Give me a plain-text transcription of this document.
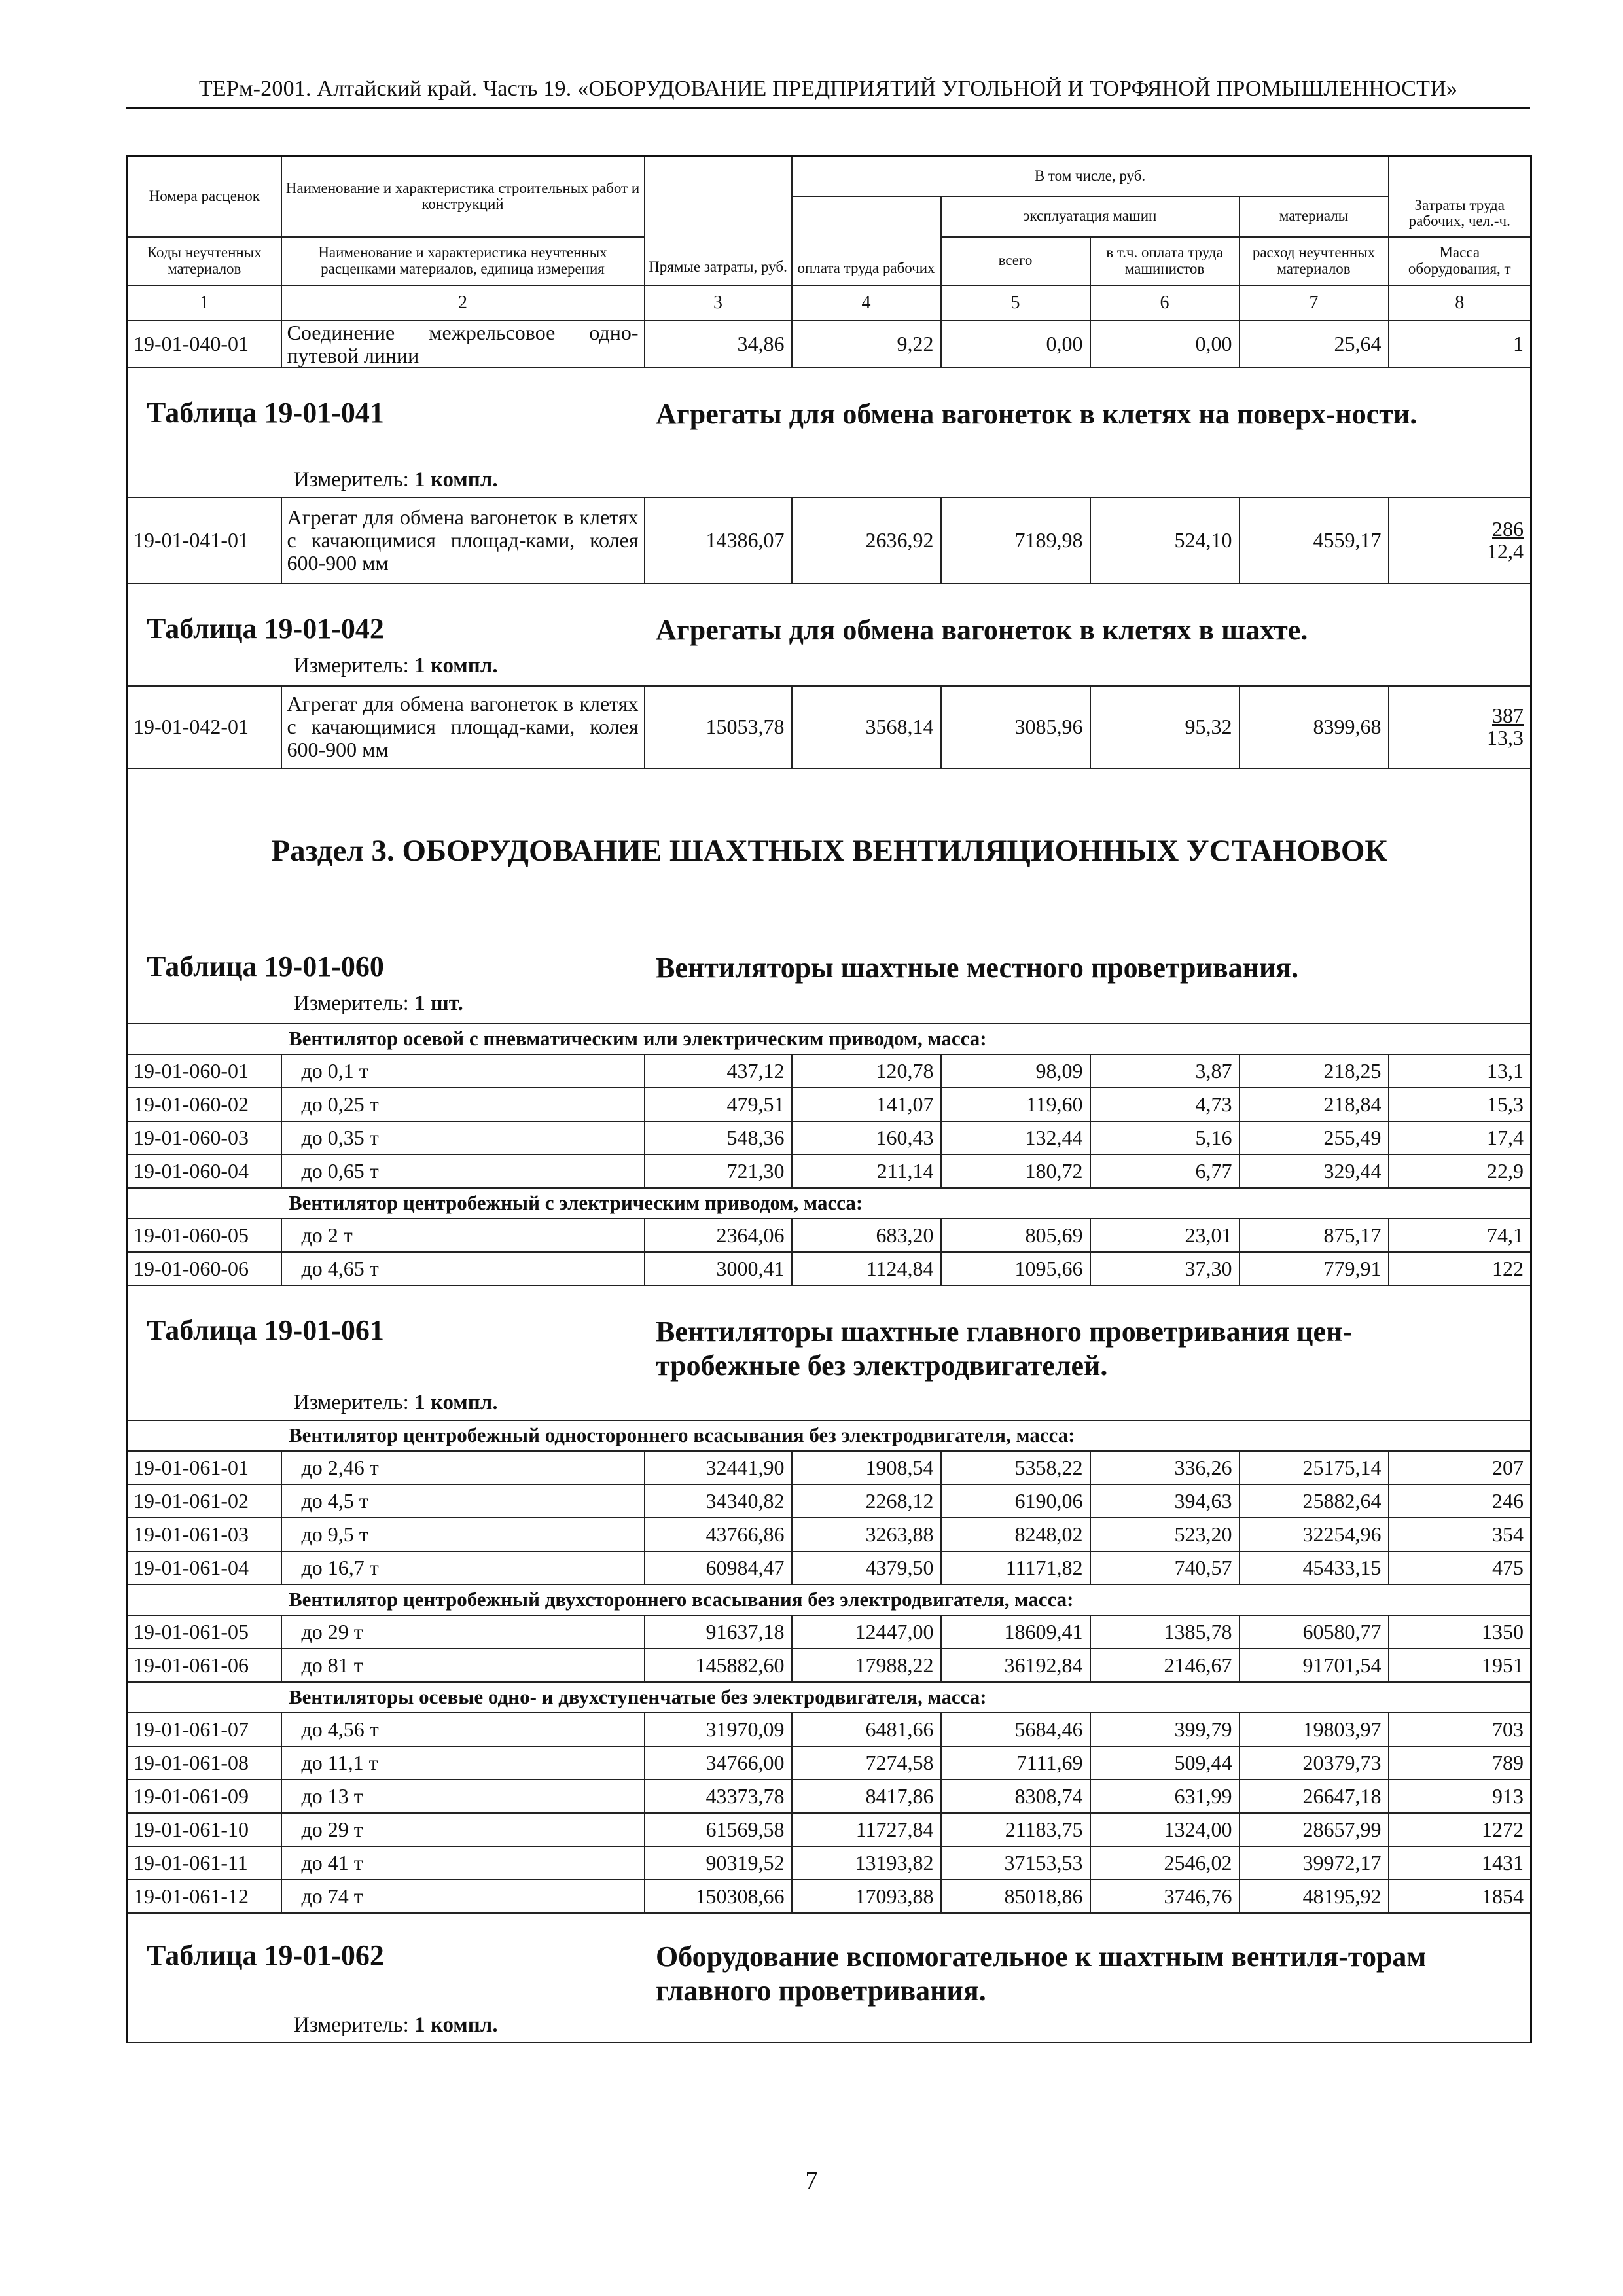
ТЕРм-2001. Алтайский край. Часть 19. «ОБОРУДОВАНИЕ ПРЕДПРИЯТИЙ УГОЛЬНОЙ И ТОРФЯНОЙ ПРОМЫШЛЕННОСТИ»
Номера расценок	Наименование и характеристика строительных работ и конструкций	Прямые затраты, руб.	В том числе, руб.				Затраты труда рабочих, чел.-ч.
			оплата труда рабочих	эксплуатация машин		материалы	
Коды неучтенных материалов	Наименование и характеристика неучтенных расценками материалов, единица измерения			всего	в т.ч. оплата труда машинистов	расход неучтенных материалов	Масса оборудования, т
1	2	3	4	5	6	7	8
19-01-040-01	Соединение межрельсовое одно-путевой линии	34,86	9,22	0,00	0,00	25,64	1

Таблица 19-01-041 Агрегаты для обмена вагонеток в клетях на поверх-ности.
Измеритель: 1 компл.							

19-01-041-01	Агрегат для обмена вагонеток в клетях с качающимися площад-ками, колея 600-900 мм	14386,07	2636,92	7189,98	524,10	4559,17	$\frac{286}{12,4}$

Таблица 19-01-042 Агрегаты для обмена вагонеток в клетях в шахте.
Измеритель: 1 компл.							

19-01-042-01	Агрегат для обмена вагонеток в клетях с качающимися площад-ками, колея 600-900 мм	15053,78	3568,14	3085,96	95,32	8399,68	$\frac{387}{13,3}$

Раздел 3. ОБОРУДОВАНИЕ ШАХТНЫХ ВЕНТИЛЯЦИОННЫХ УСТАНОВОК
Таблица 19-01-060 Вентиляторы шахтные местного проветривания.
Измеритель: 1 шт.							

Вентилятор осевой с пневматическим или электрическим приводом, масса:							
19-01-060-01	до 0,1 т	437,12	120,78	98,09	3,87	218,25	13,1
19-01-060-02	до 0,25 т	479,51	141,07	119,60	4,73	218,84	15,3
19-01-060-03	до 0,35 т	548,36	160,43	132,44	5,16	255,49	17,4
19-01-060-04	до 0,65 т	721,30	211,14	180,72	6,77	329,44	22,9
Вентилятор центробежный с электрическим приводом, масса:							
19-01-060-05	до 2 т	2364,06	683,20	805,69	23,01	875,17	74,1
19-01-060-06	до 4,65 т	3000,41	1124,84	1095,66	37,30	779,91	122

Таблица 19-01-061 Вентиляторы шахтные главного проветривания цен-тробежные без электродвигателей.
Измеритель: 1 компл.							

Вентилятор центробежный одностороннего всасывания без электродвигателя, масса:							
19-01-061-01	до 2,46 т	32441,90	1908,54	5358,22	336,26	25175,14	207
19-01-061-02	до 4,5 т	34340,82	2268,12	6190,06	394,63	25882,64	246
19-01-061-03	до 9,5 т	43766,86	3263,88	8248,02	523,20	32254,96	354
19-01-061-04	до 16,7 т	60984,47	4379,50	11171,82	740,57	45433,15	475
Вентилятор центробежный двухстороннего всасывания без электродвигателя, масса:							
19-01-061-05	до 29 т	91637,18	12447,00	18609,41	1385,78	60580,77	1350
19-01-061-06	до 81 т	145882,60	17988,22	36192,84	2146,67	91701,54	1951
Вентиляторы осевые одно- и двухступенчатые без электродвигателя, масса:							
19-01-061-07	до 4,56 т	31970,09	6481,66	5684,46	399,79	19803,97	703
19-01-061-08	до 11,1 т	34766,00	7274,58	7111,69	509,44	20379,73	789
19-01-061-09	до 13 т	43373,78	8417,86	8308,74	631,99	26647,18	913
19-01-061-10	до 29 т	61569,58	11727,84	21183,75	1324,00	28657,99	1272
19-01-061-11	до 41 т	90319,52	13193,82	37153,53	2546,02	39972,17	1431
19-01-061-12	до 74 т	150308,66	17093,88	85018,86	3746,76	48195,92	1854

Таблица 19-01-062 Оборудование вспомогательное к шахтным вентиля-торам главного проветривания.
Измеритель: 1 компл.							
7
